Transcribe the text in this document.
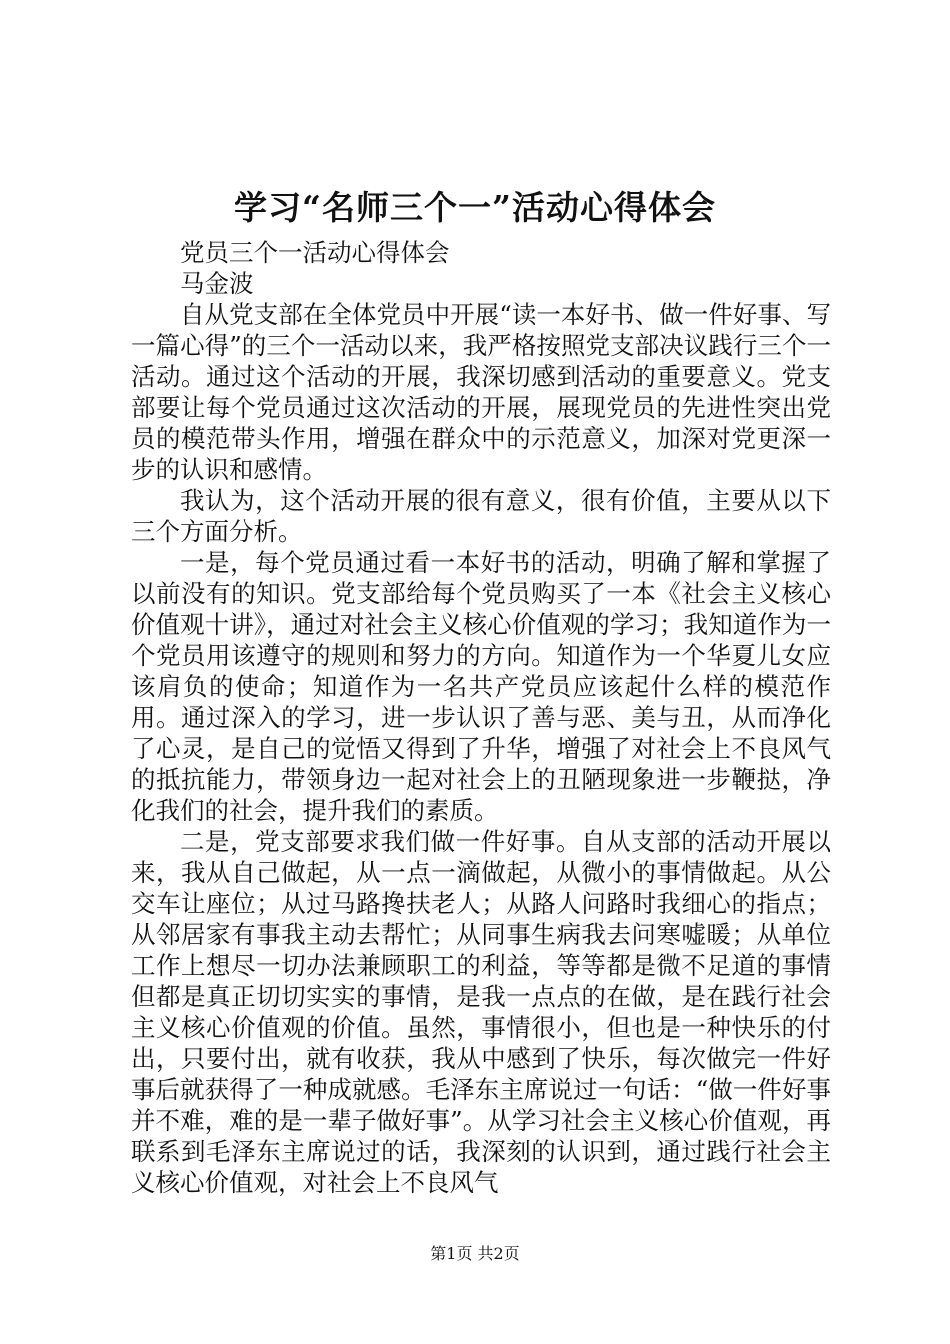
学习“名师三个一”活动心得体会

党员三个一活动心得体会

马金波

自从党支部在全体党员中开展“读一本好书、做一件好事、写一篇心得”的三个一活动以来，我严格按照党支部决议践行三个一活动。通过这个活动的开展，我深切感到活动的重要意义。党支部要让每个党员通过这次活动的开展，展现党员的先进性突出党员的模范带头作用，增强在群众中的示范意义，加深对党更深一步的认识和感情。

我认为，这个活动开展的很有意义，很有价值，主要从以下三个方面分析。

一是，每个党员通过看一本好书的活动，明确了解和掌握了以前没有的知识。党支部给每个党员购买了一本《社会主义核心价值观十讲》，通过对社会主义核心价值观的学习；我知道作为一个党员用该遵守的规则和努力的方向。知道作为一个华夏儿女应该肩负的使命；知道作为一名共产党员应该起什么样的模范作用。通过深入的学习，进一步认识了善与恶、美与丑，从而净化了心灵，是自己的觉悟又得到了升华，增强了对社会上不良风气的抵抗能力，带领身边一起对社会上的丑陋现象进一步鞭挞，净化我们的社会，提升我们的素质。

二是，党支部要求我们做一件好事。自从支部的活动开展以来，我从自己做起，从一点一滴做起，从微小的事情做起。从公交车让座位；从过马路搀扶老人；从路人问路时我细心的指点；从邻居家有事我主动去帮忙；从同事生病我去问寒嘘暖；从单位工作上想尽一切办法兼顾职工的利益，等等都是微不足道的事情但都是真正切切实实的事情，是我一点点的在做，是在践行社会主义核心价值观的价值。虽然，事情很小，但也是一种快乐的付出，只要付出，就有收获，我从中感到了快乐，每次做完一件好事后就获得了一种成就感。毛泽东主席说过一句话：“做一件好事并不难，难的是一辈子做好事”。从学习社会主义核心价值观，再联系到毛泽东主席说过的话，我深刻的认识到，通过践行社会主义核心价值观，对社会上不良风气

第1页 共2页
